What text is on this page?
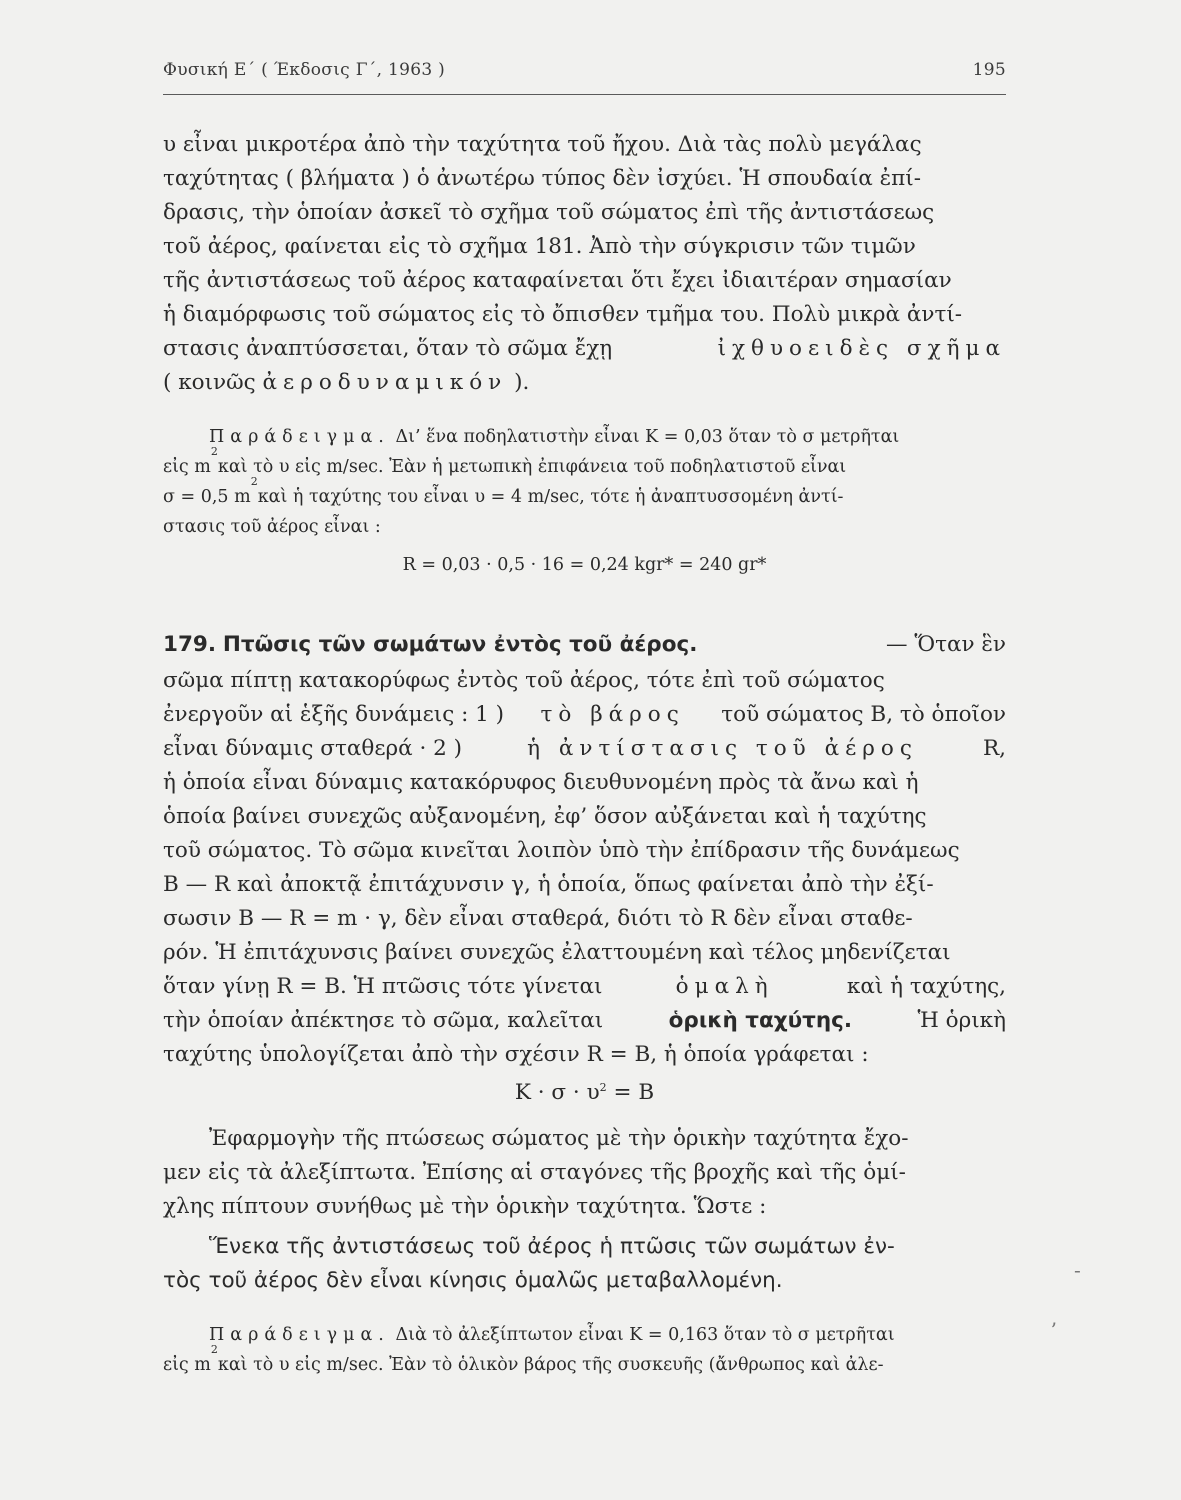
Φυσική Ε΄ ( Έκδοσις Γ΄, 1963 )	195
υ εἶναι μικροτέρα ἀπὸ τὴν ταχύτητα τοῦ ἤχου. Διὰ τὰς πολὺ μεγάλας
ταχύτητας ( βλήματα ) ὁ ἀνωτέρω τύπος δὲν ἰσχύει. Ἡ σπουδαία ἐπί-
δρασις, τὴν ὁποίαν ἀσκεῖ τὸ σχῆμα τοῦ σώματος ἐπὶ τῆς ἀντιστάσεως
τοῦ ἀέρος, φαίνεται εἰς τὸ σχῆμα 181. Ἀπὸ τὴν σύγκρισιν τῶν τιμῶν
τῆς ἀντιστάσεως τοῦ ἀέρος καταφαίνεται ὅτι ἔχει ἰδιαιτέραν σημασίαν
ἡ διαμόρφωσις τοῦ σώματος εἰς τὸ ὄπισθεν τμῆμα του. Πολὺ μικρὰ ἀντί-
στασις ἀναπτύσσεται, ὅταν τὸ σῶμα ἔχῃ	ἰχθυοειδὲς σχῆμα
( κοινῶς
ἀεροδυναμικόν
).
Παράδειγμα. Δι’ ἕνα ποδηλατιστὴν εἶναι K = 0,03 ὅταν τὸ σ μετρῆται
εἰς m
2
καὶ τὸ υ εἰς m/sec. Ἐὰν ἡ μετωπικὴ ἐπιφάνεια τοῦ ποδηλατιστοῦ εἶναι
σ = 0,5 m
2
καὶ ἡ ταχύτης του εἶναι υ = 4 m/sec, τότε ἡ ἀναπτυσσομένη ἀντί-
στασις τοῦ ἀέρος εἶναι :
R = 0,03 · 0,5 · 16 = 0,24 kgr* = 240 gr*
179. Πτῶσις τῶν σωμάτων ἐντὸς τοῦ ἀέρος.	— Ὅταν ἓν
σῶμα πίπτῃ κατακορύφως ἐντὸς τοῦ ἀέρος, τότε ἐπὶ τοῦ σώματος
ἐνεργοῦν αἱ ἑξῆς δυνάμεις : 1 ) τὸ βάρος τοῦ σώματος B, τὸ ὁποῖον
εἶναι δύναμις σταθερά · 2 )	ἡ ἀντίστασις τοῦ ἀέρος	R,
ἡ ὁποία εἶναι δύναμις κατακόρυφος διευθυνομένη πρὸς τὰ ἄνω καὶ ἡ
ὁποία βαίνει συνεχῶς αὐξανομένη, ἐφ’ ὅσον αὐξάνεται καὶ ἡ ταχύτης
τοῦ σώματος. Τὸ σῶμα κινεῖται λοιπὸν ὑπὸ τὴν ἐπίδρασιν τῆς δυνάμεως
B — R καὶ ἀποκτᾷ ἐπιτάχυνσιν γ, ἡ ὁποία, ὅπως φαίνεται ἀπὸ τὴν ἐξί-
σωσιν B — R = m · γ, δὲν εἶναι σταθερά, διότι τὸ R δὲν εἶναι σταθε-
ρόν. Ἡ ἐπιτάχυνσις βαίνει συνεχῶς ἐλαττουμένη καὶ τέλος μηδενίζεται
ὅταν γίνῃ R = B. Ἡ πτῶσις τότε γίνεται	ὁμαλὴ	καὶ ἡ ταχύτης,
τὴν ὁποίαν ἀπέκτησε τὸ σῶμα, καλεῖται	ὁρικὴ ταχύτης.	Ἡ ὁρικὴ
ταχύτης ὑπολογίζεται ἀπὸ τὴν σχέσιν R = B, ἡ ὁποία γράφεται :
$K \cdot \sigma \cdot \upsilon^2 = B$
Ἐφαρμογὴν τῆς πτώσεως σώματος μὲ τὴν ὁρικὴν ταχύτητα ἔχο-
μεν εἰς τὰ ἀλεξίπτωτα. Ἐπίσης αἱ σταγόνες τῆς βροχῆς καὶ τῆς ὁμί-
χλης πίπτουν συνήθως μὲ τὴν ὁρικὴν ταχύτητα. Ὥστε :
Ἕνεκα τῆς ἀντιστάσεως τοῦ ἀέρος ἡ πτῶσις τῶν σωμάτων ἐν-
τὸς τοῦ ἀέρος δὲν εἶναι κίνησις ὁμαλῶς μεταβαλλομένη.
Παράδειγμα. Διὰ τὸ ἀλεξίπτωτον εἶναι K = 0,163 ὅταν τὸ σ μετρῆται
εἰς m
2
καὶ τὸ υ εἰς m/sec. Ἐὰν τὸ ὁλικὸν βάρος τῆς συσκευῆς (ἄνθρωπος καὶ ἀλε-
-
ʼ
